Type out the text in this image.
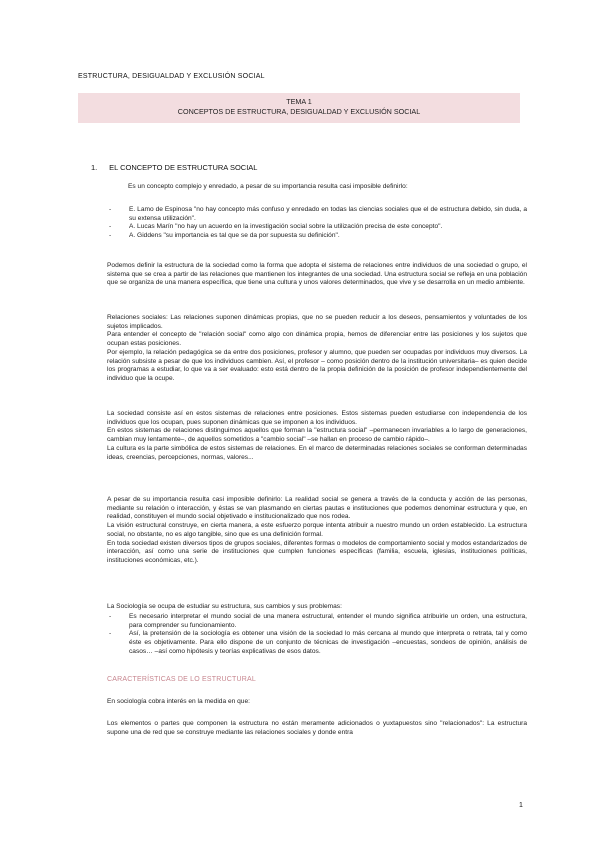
ESTRUCTURA, DESIGUALDAD Y EXCLUSIÓN SOCIAL
TEMA 1
CONCEPTOS DE ESTRUCTURA, DESIGUALDAD Y EXCLUSIÓN SOCIAL
1. EL CONCEPTO DE ESTRUCTURA SOCIAL
Es un concepto complejo y enredado, a pesar de su importancia resulta casi imposible definirlo:
- E. Lamo de Espinosa "no hay concepto más confuso y enredado en todas las ciencias sociales que el de estructura debido, sin duda, a su extensa utilización".
- A. Lucas Marín "no hay un acuerdo en la investigación social sobre la utilización precisa de este concepto".
- A. Giddens "su importancia es tal que se da por supuesta su definición".
Podemos definir la estructura de la sociedad como la forma que adopta el sistema de relaciones entre individuos de una sociedad o grupo, el sistema que se crea a partir de las relaciones que mantienen los integrantes de una sociedad. Una estructura social se refleja en una población que se organiza de una manera específica, que tiene una cultura y unos valores determinados, que vive y se desarrolla en un medio ambiente.

Relaciones sociales: Las relaciones suponen dinámicas propias, que no se pueden reducir a los deseos, pensamientos y voluntades de los sujetos implicados.

Para entender el concepto de "relación social" como algo con dinámica propia, hemos de diferenciar entre las posiciones y los sujetos que ocupan estas posiciones.

Por ejemplo, la relación pedagógica se da entre dos posiciones, profesor y alumno, que pueden ser ocupadas por individuos muy diversos. La relación subsiste a pesar de que los individuos cambien. Así, el profesor – como posición dentro de la institución universitaria– es quien decide los programas a estudiar, lo que va a ser evaluado: esto está dentro de la propia definición de la posición de profesor independientemente del individuo que la ocupe.

La sociedad consiste así en estos sistemas de relaciones entre posiciones. Estos sistemas pueden estudiarse con independencia de los individuos que los ocupan, pues suponen dinámicas que se imponen a los individuos.

En estos sistemas de relaciones distinguimos aquellos que forman la "estructura social" –permanecen invariables a lo largo de generaciones, cambian muy lentamente–, de aquellos sometidos a "cambio social" –se hallan en proceso de cambio rápido–.

La cultura es la parte simbólica de estos sistemas de relaciones. En el marco de determinadas relaciones sociales se conforman determinadas ideas, creencias, percepciones, normas, valores...

A pesar de su importancia resulta casi imposible definirlo: La realidad social se genera a través de la conducta y acción de las personas, mediante su relación o interacción, y éstas se van plasmando en ciertas pautas e instituciones que podemos denominar estructura y que, en realidad, constituyen el mundo social objetivado e institucionalizado que nos rodea.

La visión estructural construye, en cierta manera, a este esfuerzo porque intenta atribuir a nuestro mundo un orden establecido. La estructura social, no obstante, no es algo tangible, sino que es una definición formal.

En toda sociedad existen diversos tipos de grupos sociales, diferentes formas o modelos de comportamiento social y modos estandarizados de interacción, así como una serie de instituciones que cumplen funciones específicas (familia, escuela, iglesias, instituciones políticas, instituciones económicas, etc.).

La Sociología se ocupa de estudiar su estructura, sus cambios y sus problemas:
- Es necesario interpretar el mundo social de una manera estructural, entender el mundo significa atribuirle un orden, una estructura, para comprender su funcionamiento.
- Así, la pretensión de la sociología es obtener una visión de la sociedad lo más cercana al mundo que interpreta o retrata, tal y como éste es objetivamente. Para ello dispone de un conjunto de técnicas de investigación –encuestas, sondeos de opinión, análisis de casos… –así como hipótesis y teorías explicativas de esos datos.
CARACTERÍSTICAS DE LO ESTRUCTURAL
En sociología cobra interés en la medida en que:
Los elementos o partes que componen la estructura no están meramente adicionados o yuxtapuestos sino "relacionados": La estructura supone una de red que se construye mediante las relaciones sociales y donde entra
1
